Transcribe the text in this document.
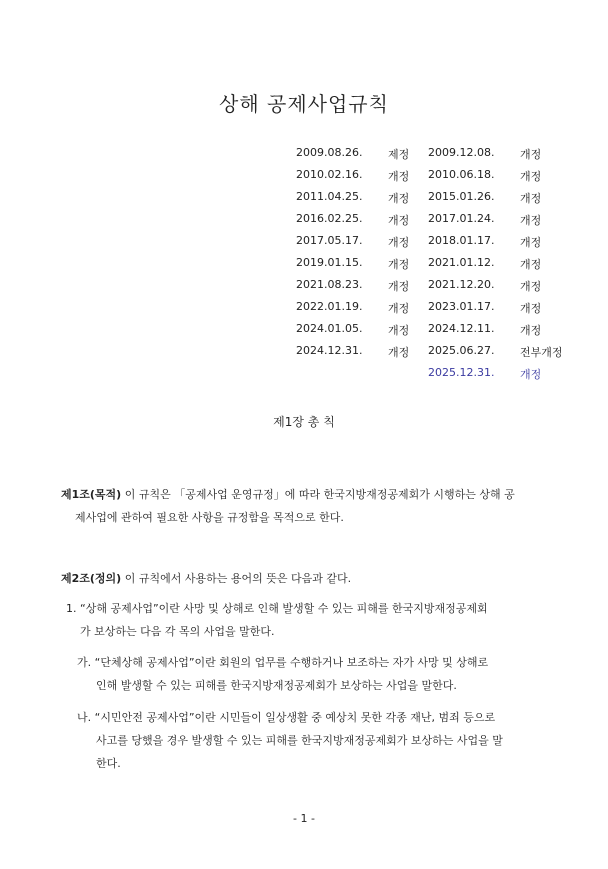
상해 공제사업규칙
2009.08.26. 제정 2009.12.08. 개정
2010.02.16. 개정 2010.06.18. 개정
2011.04.25. 개정 2015.01.26. 개정
2016.02.25. 개정 2017.01.24. 개정
2017.05.17. 개정 2018.01.17. 개정
2019.01.15. 개정 2021.01.12. 개정
2021.08.23. 개정 2021.12.20. 개정
2022.01.19. 개정 2023.01.17. 개정
2024.01.05. 개정 2024.12.11. 개정
2024.12.31. 개정 2025.06.27. 전부개정
2025.12.31. 개정
제1장 총 칙
제1조(목적) 이 규칙은 「공제사업 운영규정」에 따라 한국지방재정공제회가 시행하는 상해 공
제사업에 관하여 필요한 사항을 규정함을 목적으로 한다.
제2조(정의) 이 규칙에서 사용하는 용어의 뜻은 다음과 같다.
1. “상해 공제사업”이란 사망 및 상해로 인해 발생할 수 있는 피해를 한국지방재정공제회
가 보상하는 다음 각 목의 사업을 말한다.
가. “단체상해 공제사업”이란 회원의 업무를 수행하거나 보조하는 자가 사망 및 상해로
인해 발생할 수 있는 피해를 한국지방재정공제회가 보상하는 사업을 말한다.
나. “시민안전 공제사업”이란 시민들이 일상생활 중 예상치 못한 각종 재난, 범죄 등으로
사고를 당했을 경우 발생할 수 있는 피해를 한국지방재정공제회가 보상하는 사업을 말
한다.
- 1 -
